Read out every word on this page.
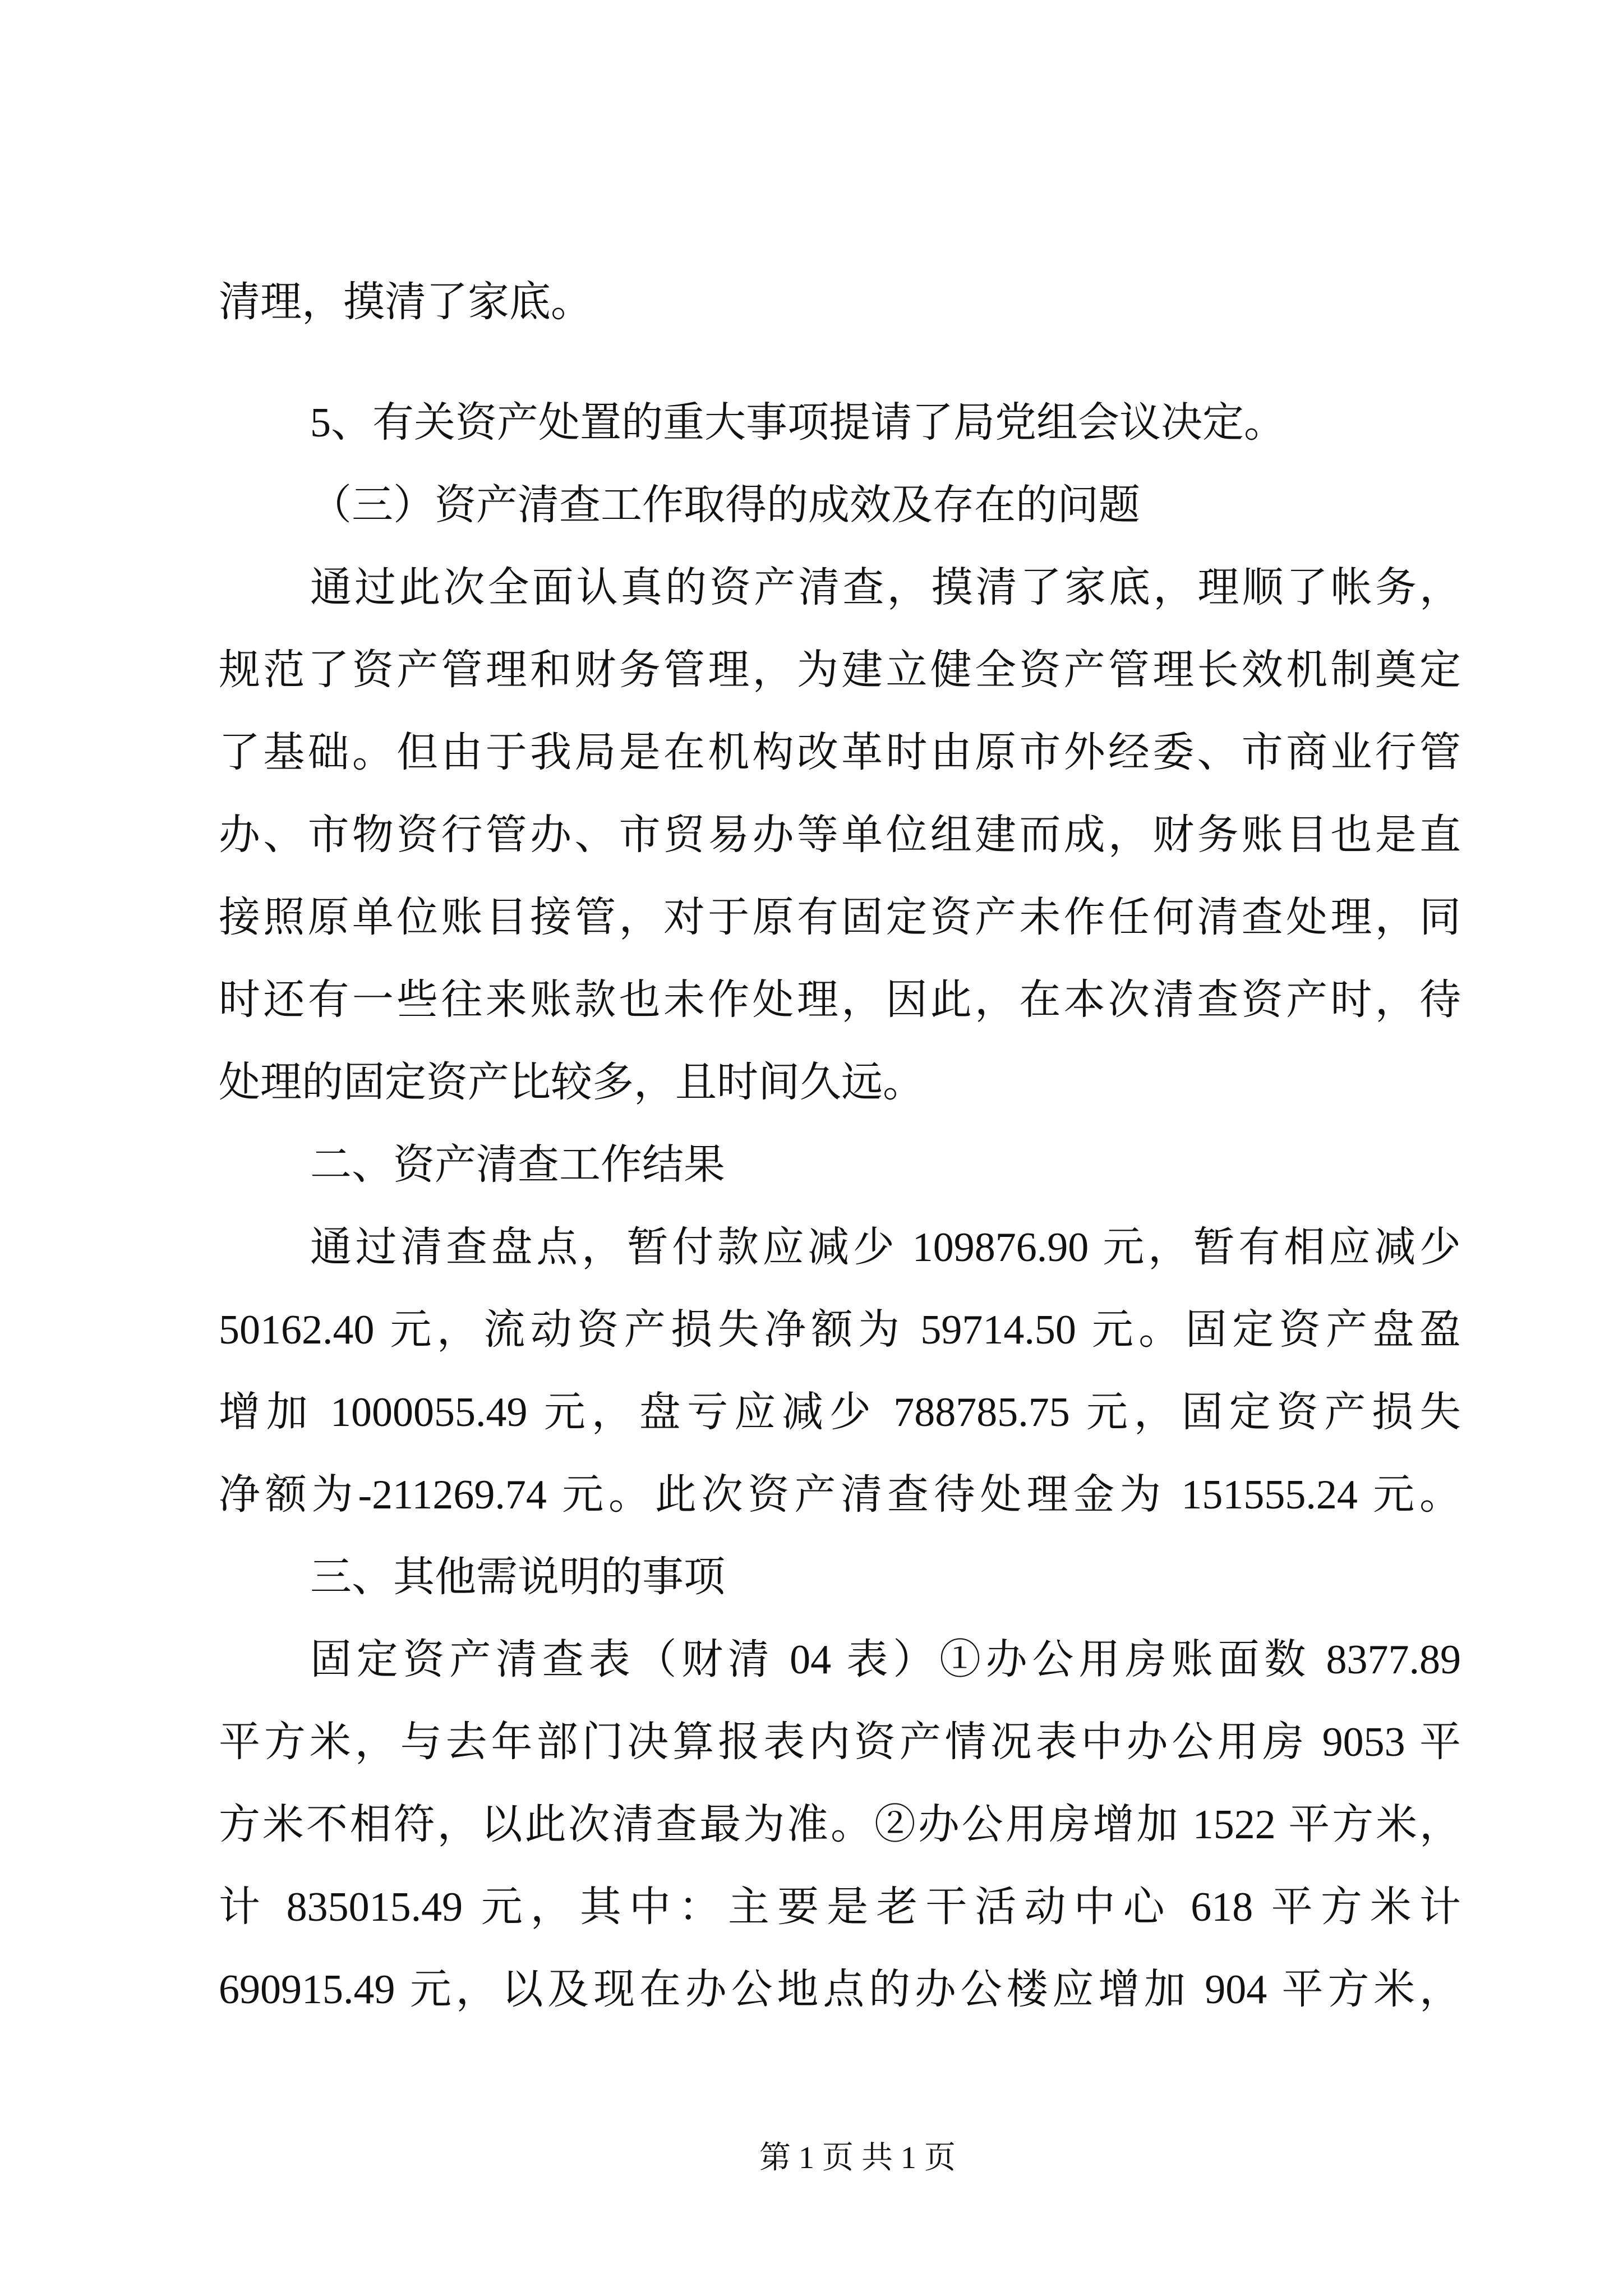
清理，摸清了家底。
5、有关资产处置的重大事项提请了局党组会议决定。
（三）资产清查工作取得的成效及存在的问题
通过此次全面认真的资产清查，摸清了家底，理顺了帐务，
规范了资产管理和财务管理，为建立健全资产管理长效机制奠定
了基础。但由于我局是在机构改革时由原市外经委、市商业行管
办、市物资行管办、市贸易办等单位组建而成，财务账目也是直
接照原单位账目接管，对于原有固定资产未作任何清查处理，同
时还有一些往来账款也未作处理，因此，在本次清查资产时，待
处理的固定资产比较多，且时间久远。
二、资产清查工作结果
通过清查盘点，暂付款应减少 109876.90 元，暂有相应减少
50162.40 元，流动资产损失净额为 59714.50 元。固定资产盘盈
增加 1000055.49 元，盘亏应减少 788785.75 元，固定资产损失
净额为-211269.74 元。此次资产清查待处理金为 151555.24 元。
三、其他需说明的事项
固定资产清查表（财清 04 表）①办公用房账面数 8377.89
平方米，与去年部门决算报表内资产情况表中办公用房 9053 平
方米不相符，以此次清查最为准。②办公用房增加 1522 平方米，
计 835015.49 元，其中：主要是老干活动中心 618 平方米计
690915.49 元，以及现在办公地点的办公楼应增加 904 平方米，
第 1 页 共 1 页
